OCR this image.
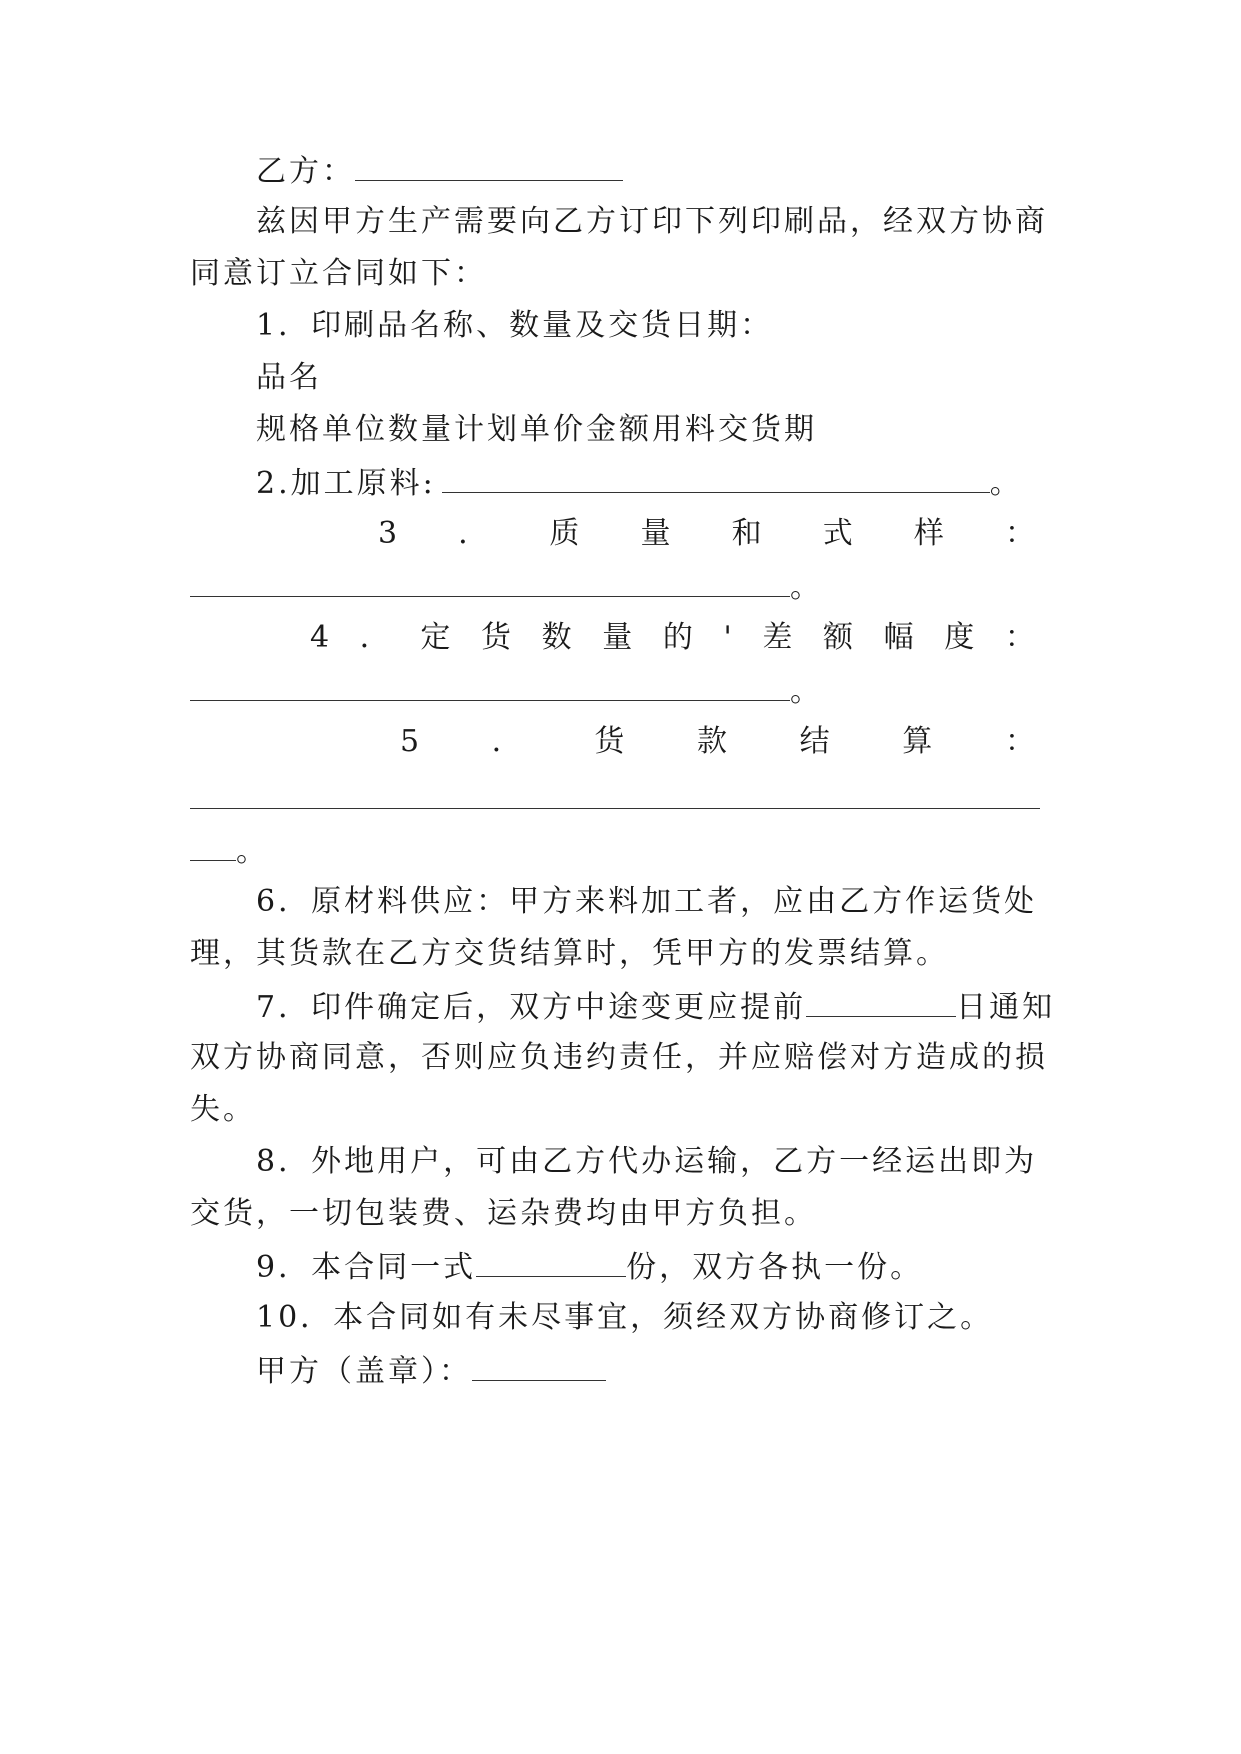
乙方：
兹因甲方生产需要向乙方订印下列印刷品，经双方协商
同意订立合同如下：
1．印刷品名称、数量及交货日期：
品名
规格单位数量计划单价金额用料交货期
2.加工原料:	。
3 ． 质 量 和 式 样 ：
。
4 ． 定 货 数 量 的 ' 差 额 幅 度 ：
。
5 ． 货 款 结 算 ：
。
6．原材料供应：甲方来料加工者，应由乙方作运货处
理，其货款在乙方交货结算时，凭甲方的发票结算。
7．印件确定后，双方中途变更应提前	日通知
双方协商同意，否则应负违约责任，并应赔偿对方造成的损
失。
8．外地用户，可由乙方代办运输，乙方一经运出即为
交货，一切包装费、运杂费均由甲方负担。
9．本合同一式	份，双方各执一份。
10．本合同如有未尽事宜，须经双方协商修订之。
甲方（盖章）：
